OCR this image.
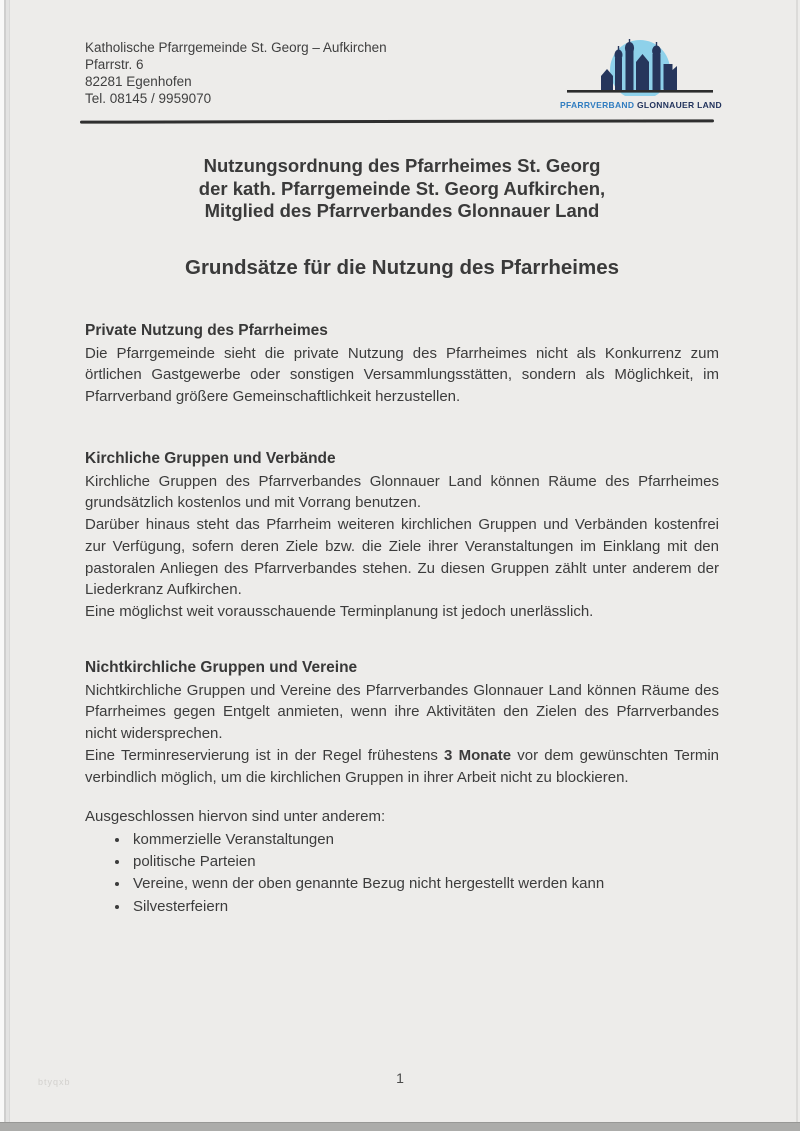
Katholische Pfarrgemeinde St. Georg – Aufkirchen
Pfarrstr. 6
82281 Egenhofen
Tel. 08145 / 9959070	PFARRVERBAND GLONNAUER LAND
Nutzungsordnung des Pfarrheimes St. Georg
der kath. Pfarrgemeinde St. Georg Aufkirchen,
Mitglied des Pfarrverbandes Glonnauer Land
Grundsätze für die Nutzung des Pfarrheimes
Private Nutzung des Pfarrheimes

Die Pfarrgemeinde sieht die private Nutzung des Pfarrheimes nicht als Konkurrenz zum örtlichen Gastgewerbe oder sonstigen Versammlungsstätten, sondern als Möglichkeit, im Pfarrverband größere Gemeinschaftlichkeit herzustellen.

Kirchliche Gruppen und Verbände

Kirchliche Gruppen des Pfarrverbandes Glonnauer Land können Räume des Pfarrheimes grundsätzlich kostenlos und mit Vorrang benutzen.

Darüber hinaus steht das Pfarrheim weiteren kirchlichen Gruppen und Verbänden kostenfrei zur Verfügung, sofern deren Ziele bzw. die Ziele ihrer Veranstaltungen im Einklang mit den pastoralen Anliegen des Pfarrverbandes stehen. Zu diesen Gruppen zählt unter anderem der Liederkranz Aufkirchen.

Eine möglichst weit vorausschauende Terminplanung ist jedoch unerlässlich.

Nichtkirchliche Gruppen und Vereine

Nichtkirchliche Gruppen und Vereine des Pfarrverbandes Glonnauer Land können Räume des Pfarrheimes gegen Entgelt anmieten, wenn ihre Aktivitäten den Zielen des Pfarrverbandes nicht widersprechen.

Eine Terminreservierung ist in der Regel frühestens 3 Monate vor dem gewünschten Termin verbindlich möglich, um die kirchlichen Gruppen in ihrer Arbeit nicht zu blockieren.

Ausgeschlossen hiervon sind unter anderem:

• kommerzielle Veranstaltungen
• politische Parteien
• Vereine, wenn der oben genannte Bezug nicht hergestellt werden kann
• Silvesterfeiern
1
btyqxb
